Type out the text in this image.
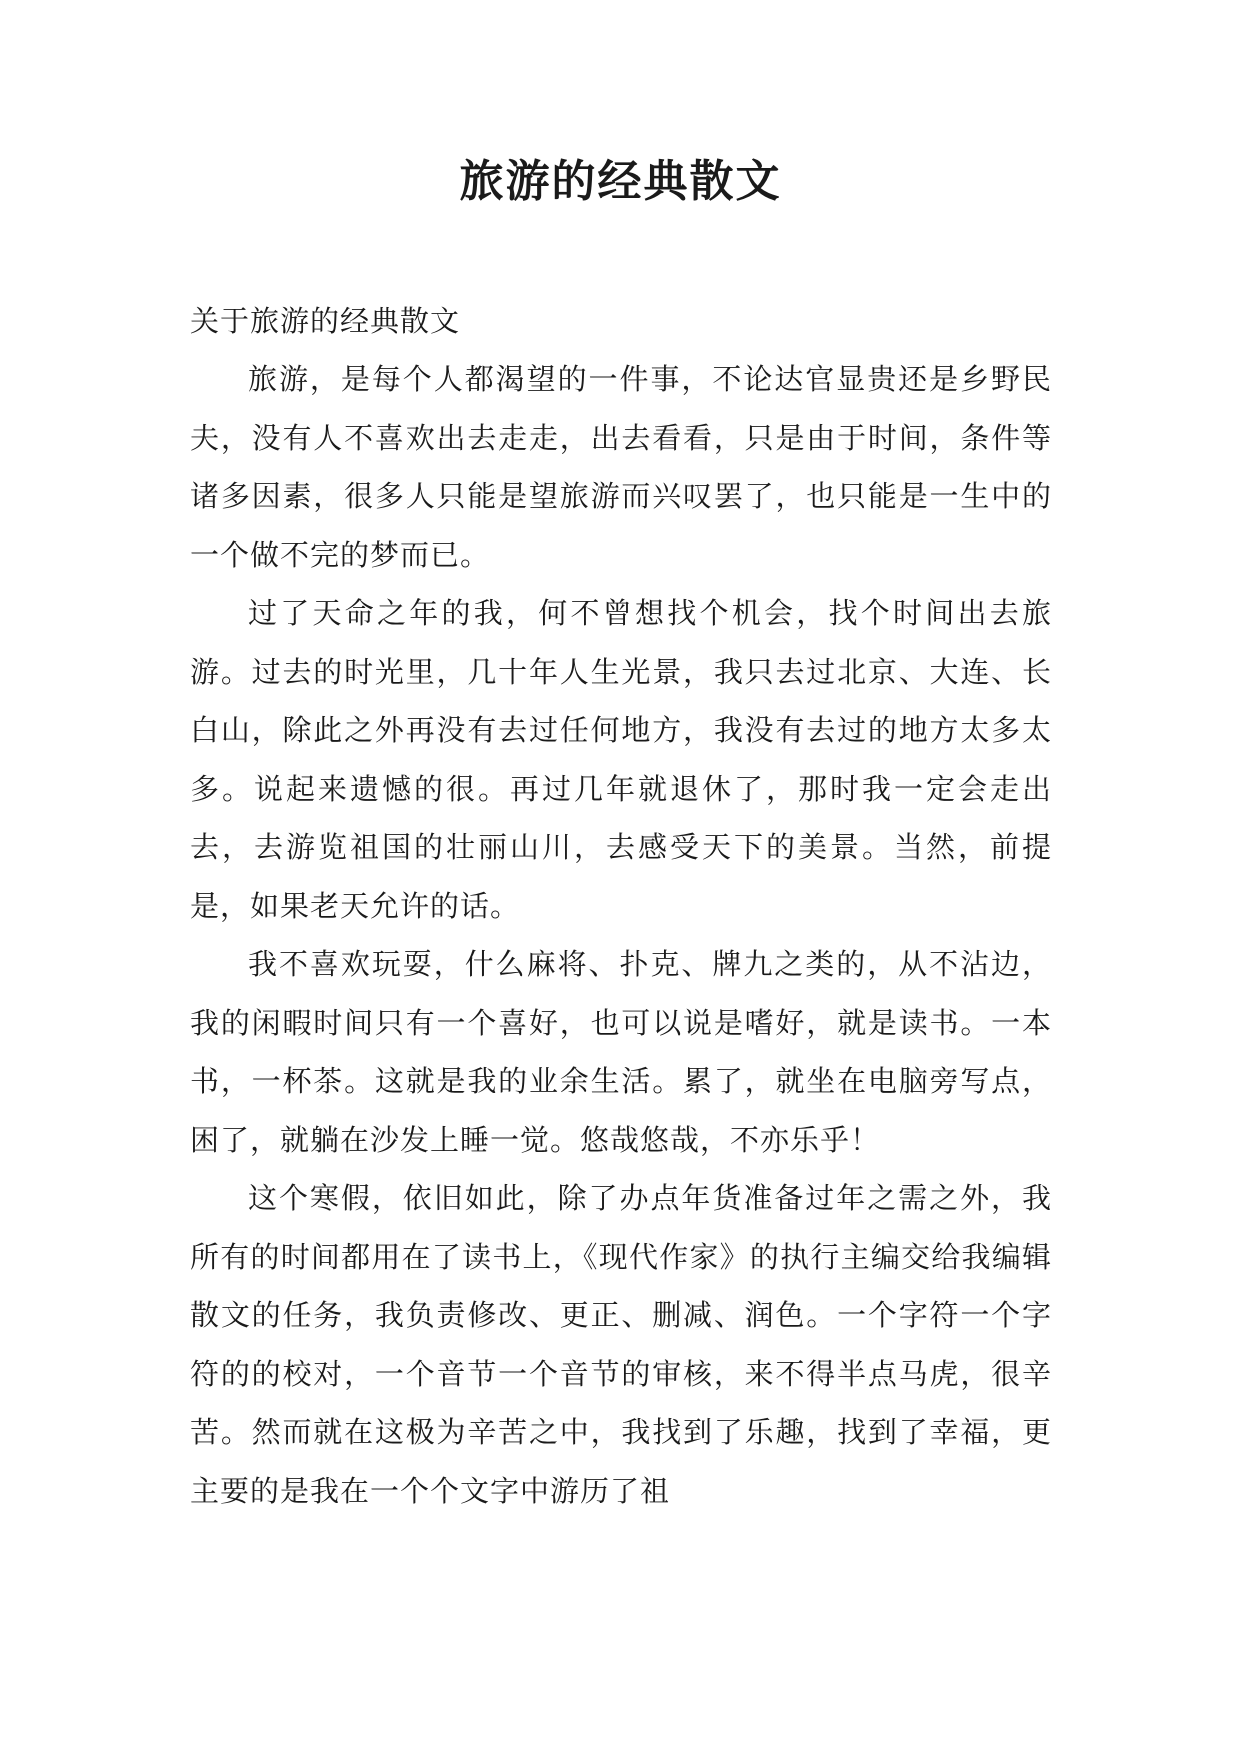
旅游的经典散文

关于旅游的经典散文

旅游，是每个人都渴望的一件事，不论达官显贵还是乡野民夫，没有人不喜欢出去走走，出去看看，只是由于时间，条件等诸多因素，很多人只能是望旅游而兴叹罢了，也只能是一生中的一个做不完的梦而已。

过了天命之年的我，何不曾想找个机会，找个时间出去旅游。过去的时光里，几十年人生光景，我只去过北京、大连、长白山，除此之外再没有去过任何地方，我没有去过的地方太多太多。说起来遗憾的很。再过几年就退休了，那时我一定会走出去，去游览祖国的壮丽山川，去感受天下的美景。当然，前提是，如果老天允许的话。

我不喜欢玩耍，什么麻将、扑克、牌九之类的，从不沾边，我的闲暇时间只有一个喜好，也可以说是嗜好，就是读书。一本书，一杯茶。这就是我的业余生活。累了，就坐在电脑旁写点，困了，就躺在沙发上睡一觉。悠哉悠哉，不亦乐乎！

这个寒假，依旧如此，除了办点年货准备过年之需之外，我所有的时间都用在了读书上，《现代作家》的执行主编交给我编辑散文的任务，我负责修改、更正、删减、润色。一个字符一个字符的的校对，一个音节一个音节的审核，来不得半点马虎，很辛苦。然而就在这极为辛苦之中，我找到了乐趣，找到了幸福，更主要的是我在一个个文字中游历了祖
